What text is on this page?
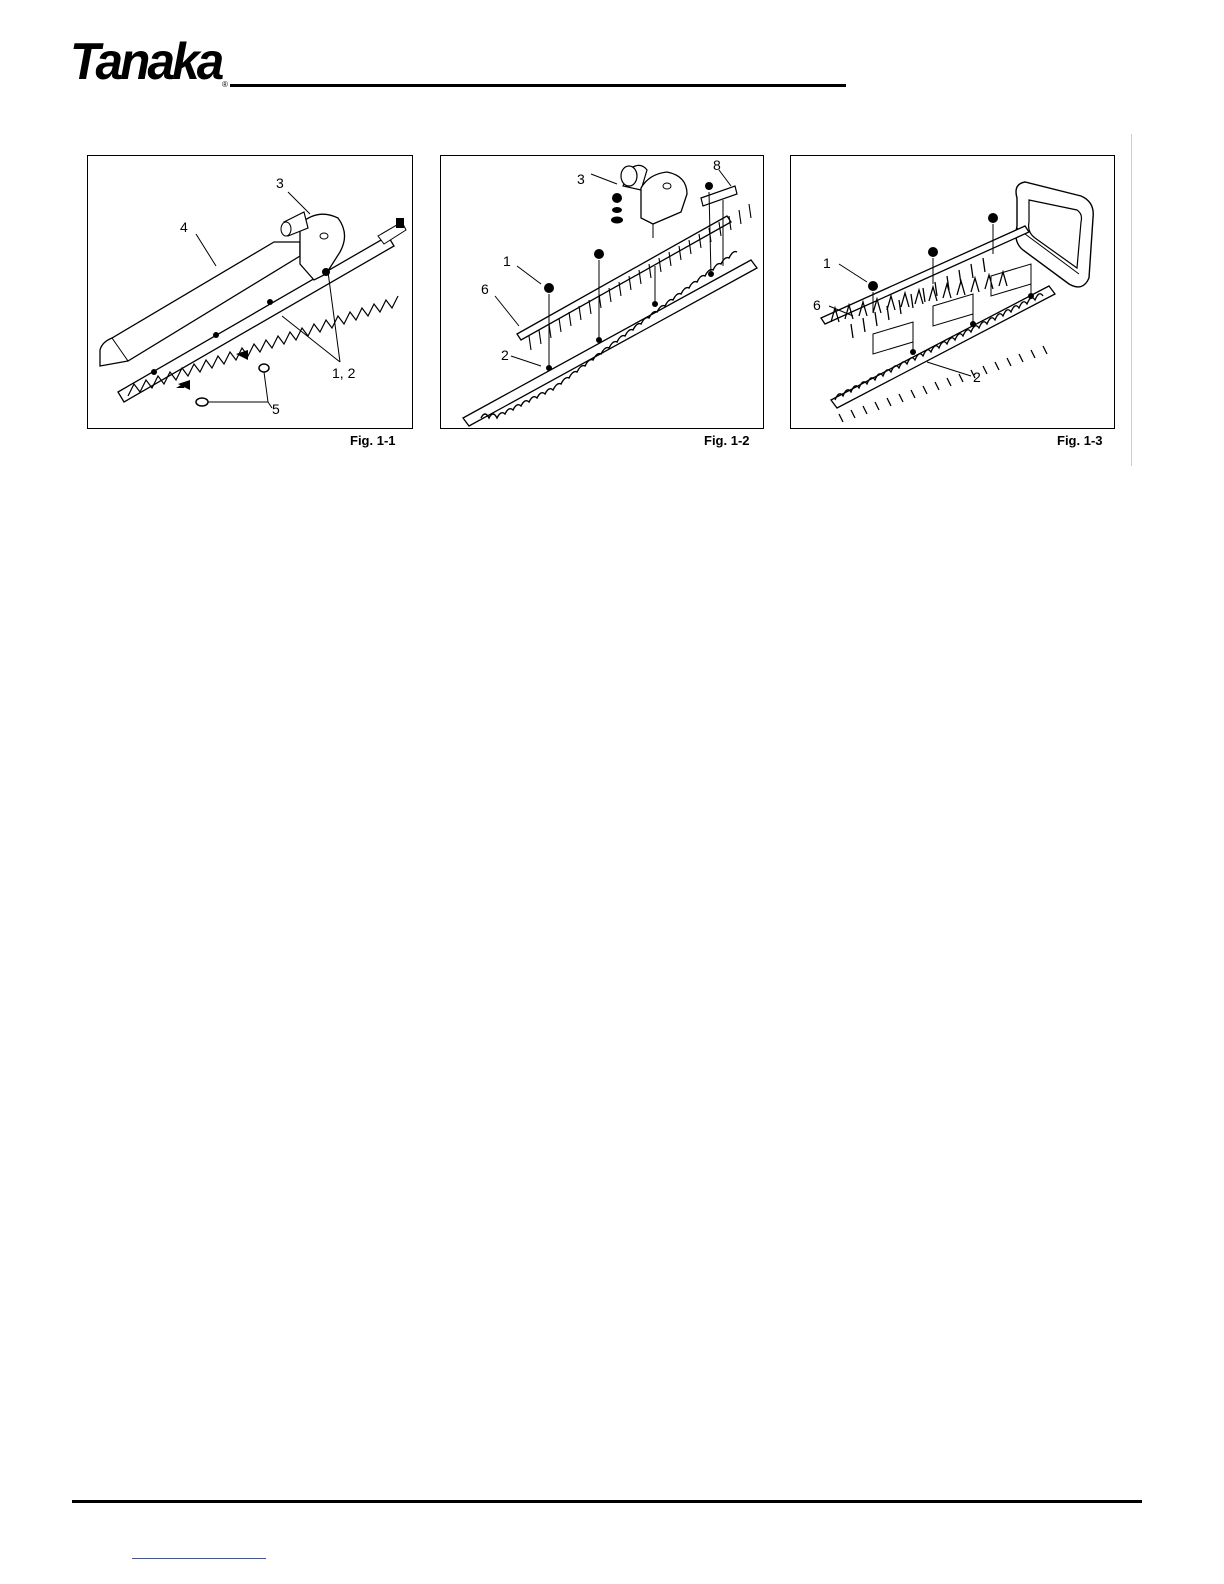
Tanaka ®
3
4
1, 2
5
Fig. 1-1
3
8
1
6
2
Fig. 1-2
1
6
2
Fig. 1-3
